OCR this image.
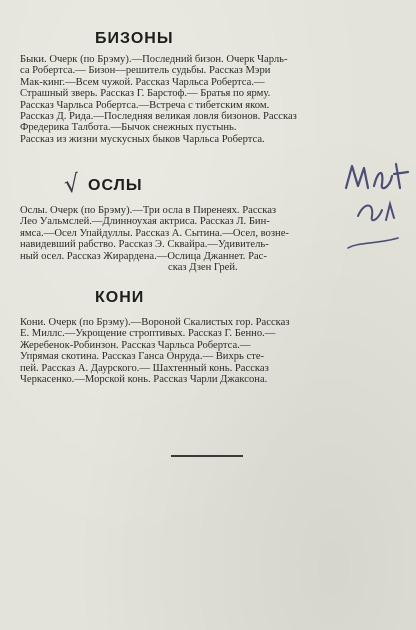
БИЗОНЫ
Быки. Очерк (по Брэму).—Последний бизон. Очерк Чарль-
са Робертса.— Бизон—решитель судьбы. Рассказ Мэри
Мак-кинг.—Всем чужой. Рассказ Чарльса Робертса.—
Страшный зверь. Рассказ Г. Барстоф.— Братья по ярму.
Рассказ Чарльса Робертса.—Встреча с тибетским яком.
Рассказ Д. Рида.—Последняя великая ловля бизонов. Рассказ
Фредерика Талбота.—Бычок снежных пустынь.
Рассказ из жизни мускусных быков Чарльса Робертса.
√ ОСЛЫ
Ослы. Очерк (по Брэму).—Три осла в Пиренеях. Рассказ
Лео Уальмслей.—Длинноухая актриса. Рассказ Л. Бин-
ямса.—Осел Упайдуллы. Рассказ А. Сытина.—Осел, возне-
навидевший рабство. Рассказ Э. Сквайра.—Удивитель-
ный осел. Рассказ Жирардена.—Ослица Джаннет. Рас-
сказ Дзен Грей.
КОНИ
Кони. Очерк (по Брэму).—Вороной Скалистых гор. Рассказ
Е. Миллс.—Укрощение строптивых. Рассказ Г. Бенно.—
Жеребенок-Робинзон. Рассказ Чарльса Робертса.—
Упрямая скотина. Рассказ Ганса Онруда.— Вихрь сте-
пей. Рассказ А. Даурского.— Шахтенный конь. Рассказ
Черкасенко.—Морской конь. Рассказ Чарли Джаксона.
